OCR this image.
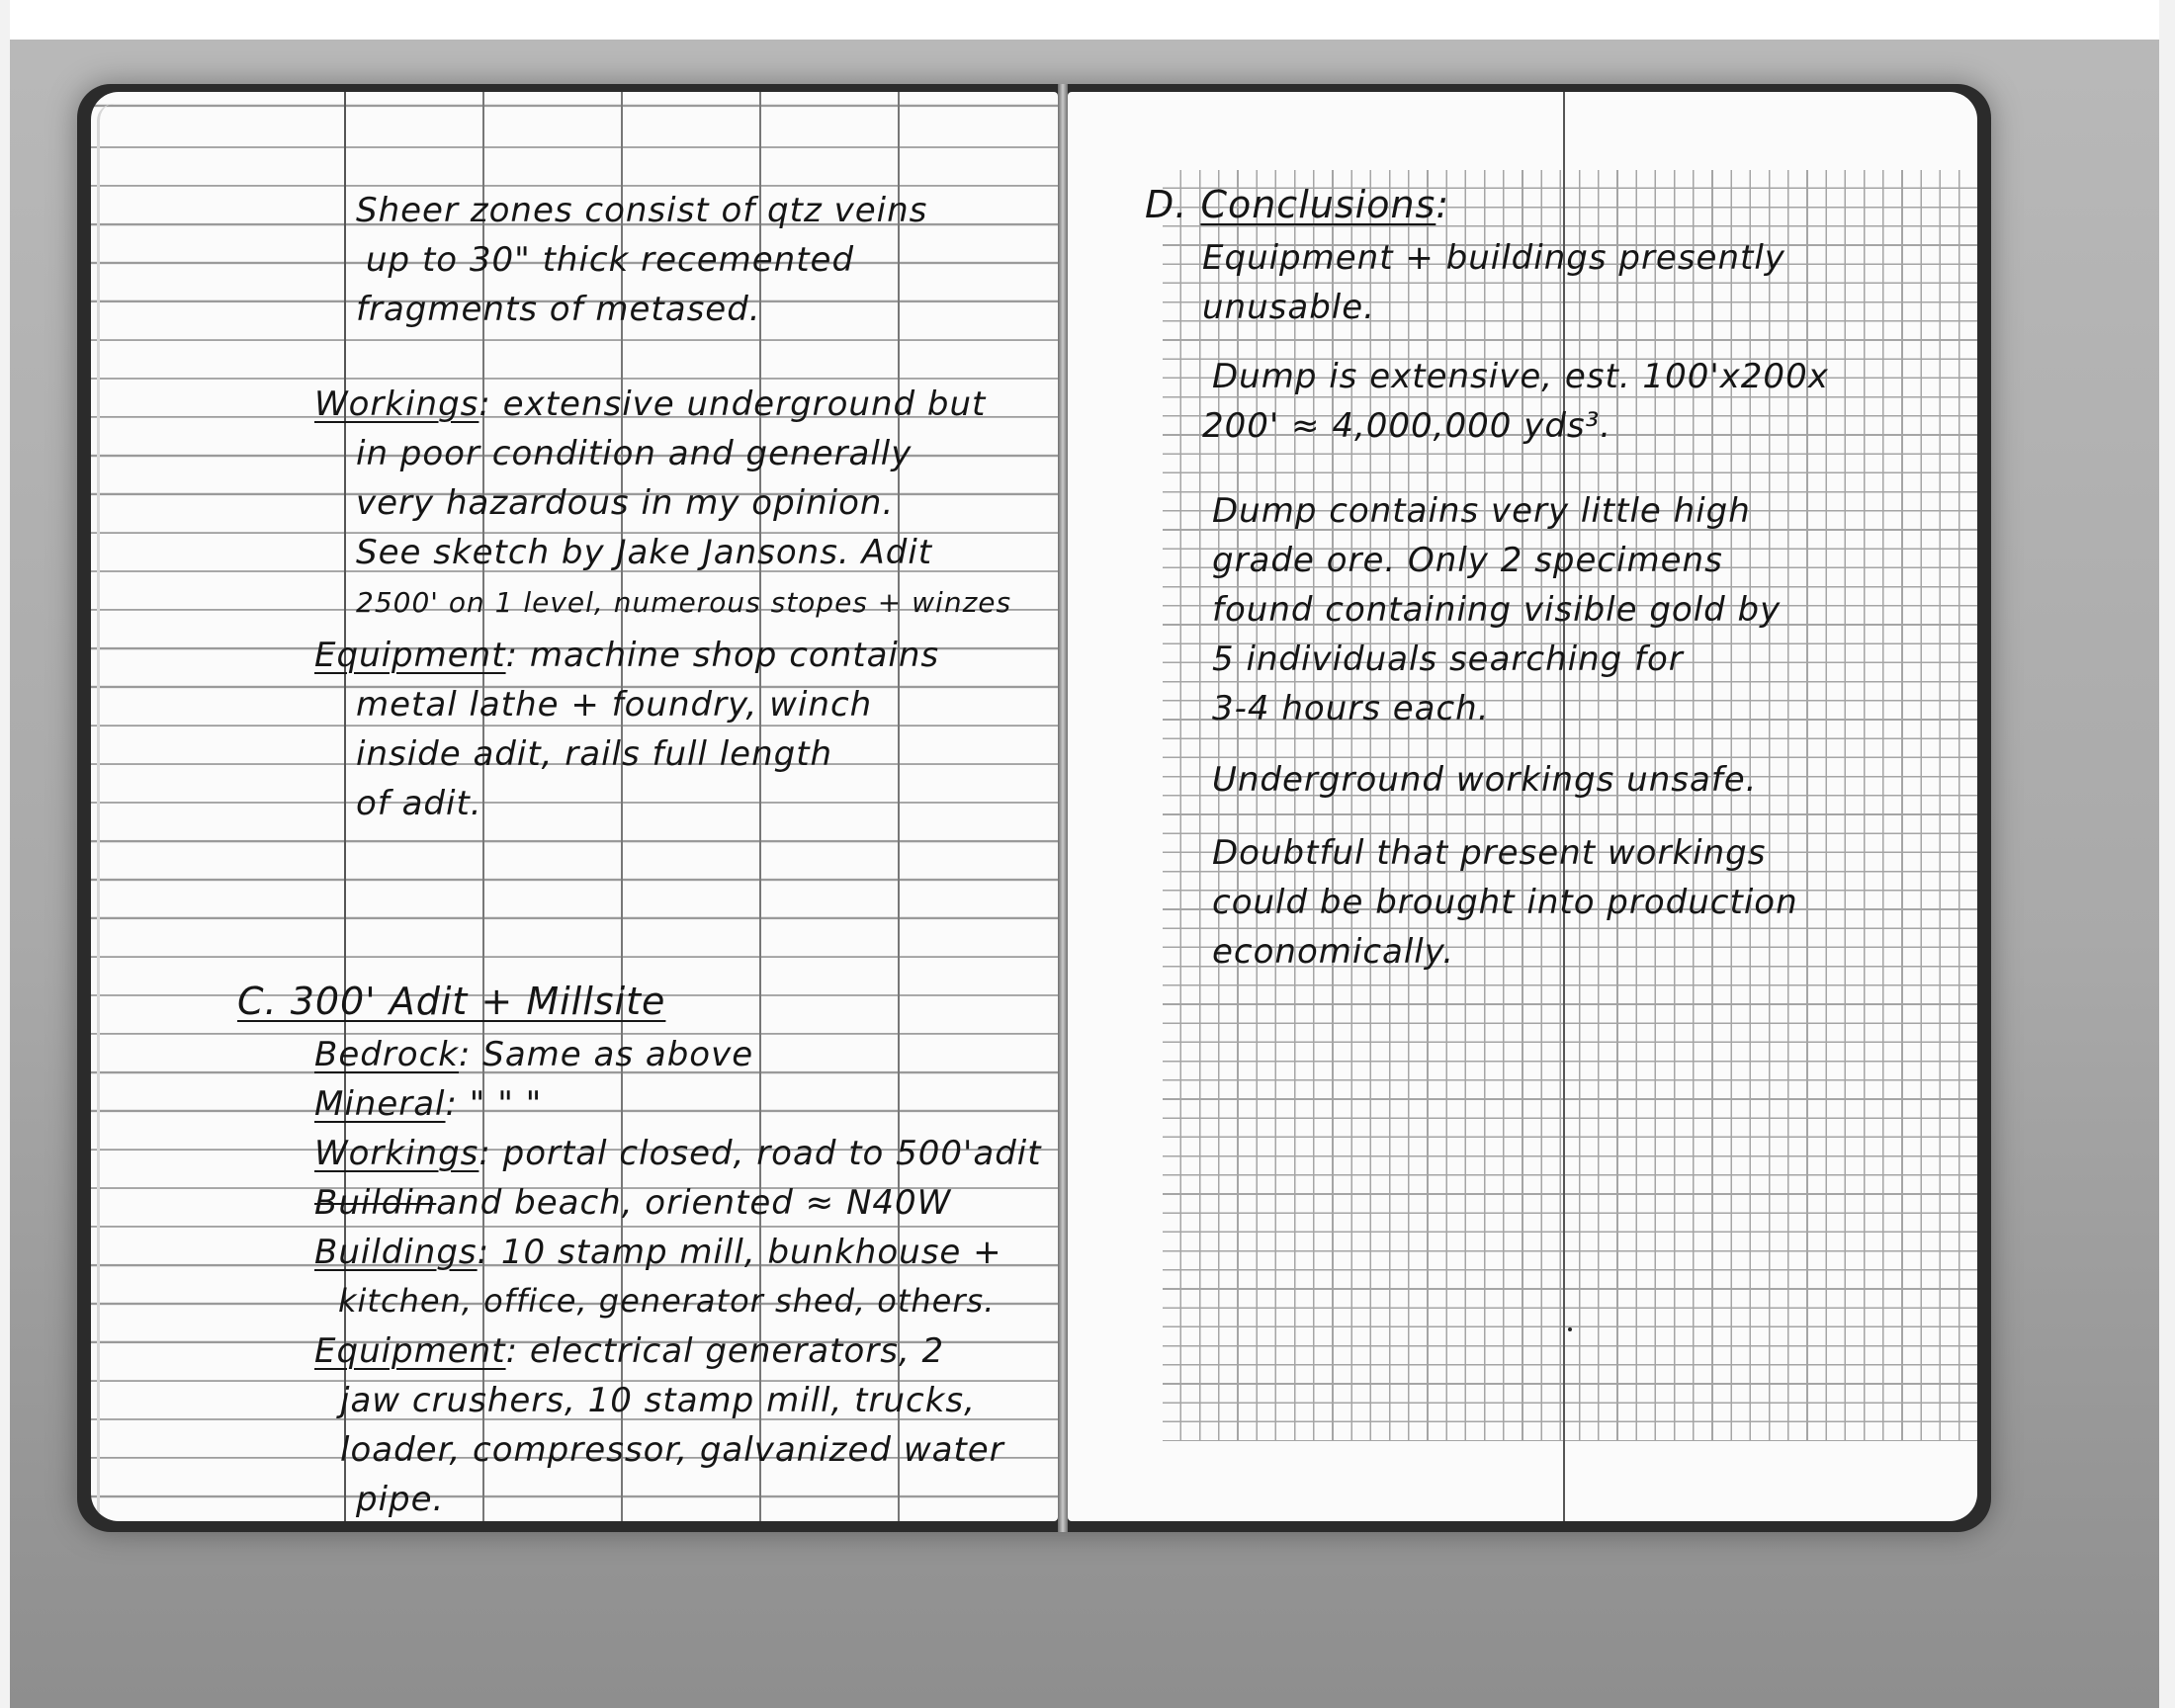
Sheer zones consist of qtz veins
up to 30" thick recemented
fragments of metased.
Workings: extensive underground but
in poor condition and generally
very hazardous in my opinion.
See sketch by Jake Jansons. Adit
2500' on 1 level, numerous stopes + winzes
Equipment: machine shop contains
metal lathe + foundry, winch
inside adit, rails full length
of adit.
C. 300' Adit + Millsite
Bedrock: Same as above
Mineral: " " "
Workings: portal closed, road to 500'adit
Buildinand beach, oriented ≈ N40W
Buildings: 10 stamp mill, bunkhouse +
kitchen, office, generator shed, others.
Equipment: electrical generators, 2
jaw crushers, 10 stamp mill, trucks,
loader, compressor, galvanized water
pipe.
D. Conclusions:
Equipment + buildings presently
unusable.
Dump is extensive, est. 100'x200x
200' ≈ 4,000,000 yds³.
Dump contains very little high
grade ore. Only 2 specimens
found containing visible gold by
5 individuals searching for
3-4 hours each.
Underground workings unsafe.
Doubtful that present workings
could be brought into production
economically.
